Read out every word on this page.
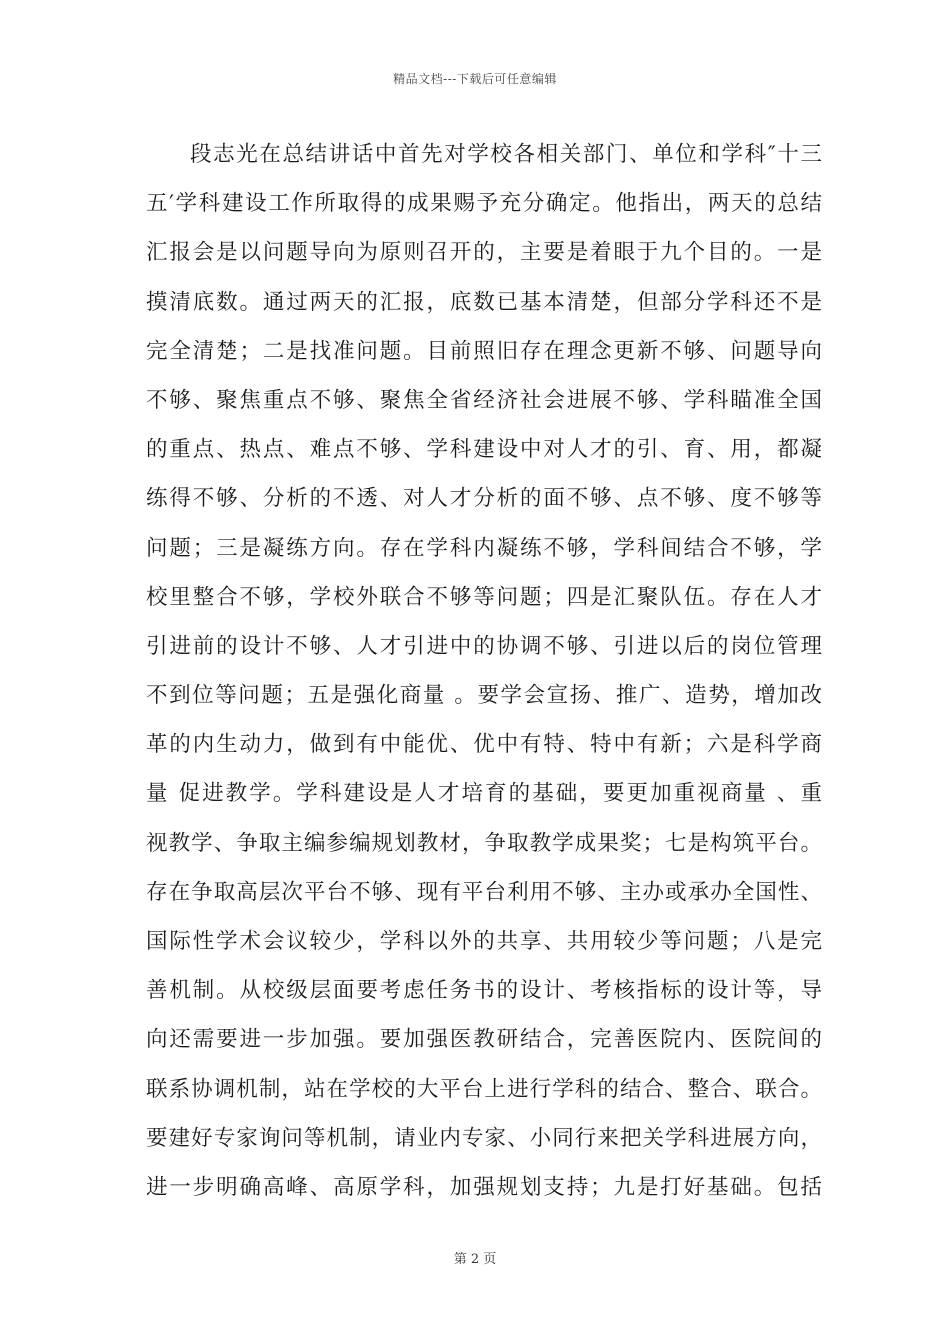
精品文档---下载后可任意编辑
段志光在总结讲话中首先对学校各相关部门、单位和学科″十三
五′学科建设工作所取得的成果赐予充分确定。他指出，两天的总结
汇报会是以问题导向为原则召开的，主要是着眼于九个目的。一是
摸清底数。通过两天的汇报，底数已基本清楚，但部分学科还不是
完全清楚；二是找准问题。目前照旧存在理念更新不够、问题导向
不够、聚焦重点不够、聚焦全省经济社会进展不够、学科瞄准全国
的重点、热点、难点不够、学科建设中对人才的引、育、用，都凝
练得不够、分析的不透、对人才分析的面不够、点不够、度不够等
问题；三是凝练方向。存在学科内凝练不够，学科间结合不够，学
校里整合不够，学校外联合不够等问题；四是汇聚队伍。存在人才
引进前的设计不够、人才引进中的协调不够、引进以后的岗位管理
不到位等问题；五是强化商量 。要学会宣扬、推广、造势，增加改
革的内生动力，做到有中能优、优中有特、特中有新；六是科学商
量 促进教学。学科建设是人才培育的基础，要更加重视商量 、重
视教学、争取主编参编规划教材，争取教学成果奖；七是构筑平台。
存在争取高层次平台不够、现有平台利用不够、主办或承办全国性、
国际性学术会议较少，学科以外的共享、共用较少等问题；八是完
善机制。从校级层面要考虑任务书的设计、考核指标的设计等，导
向还需要进一步加强。要加强医教研结合，完善医院内、医院间的
联系协调机制，站在学校的大平台上进行学科的结合、整合、联合。
要建好专家询问等机制，请业内专家、小同行来把关学科进展方向，
进一步明确高峰、高原学科，加强规划支持；九是打好基础。包括
第 2 页
